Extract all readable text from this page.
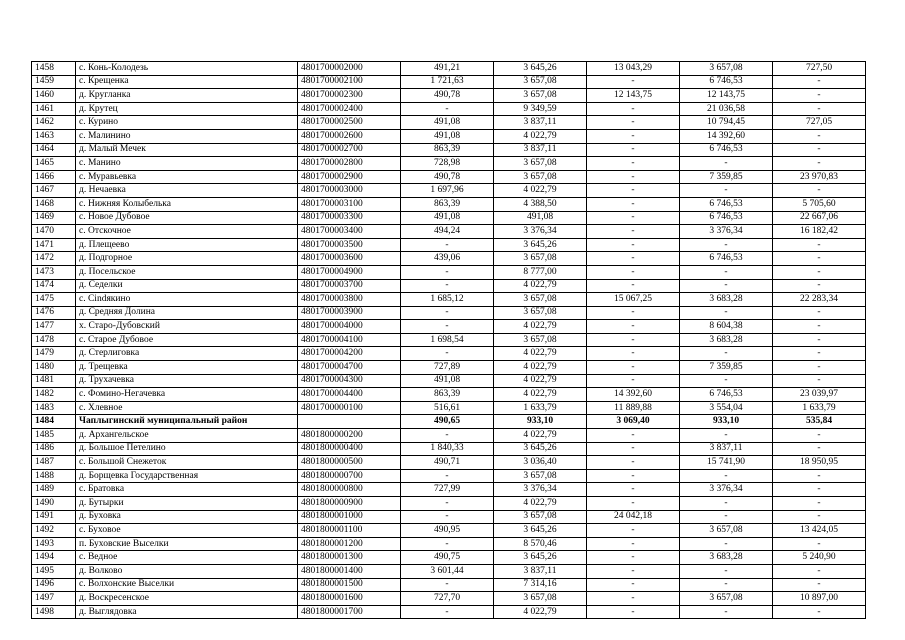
1458	с. Конь-Колодезь	4801700002000	491,21	3 645,26	13 043,29	3 657,08	727,50
1459	с. Крещенка	4801700002100	1 721,63	3 657,08	-	6 746,53	-
1460	д. Кругланка	4801700002300	490,78	3 657,08	12 143,75	12 143,75	-
1461	д. Крутец	4801700002400	-	9 349,59	-	21 036,58	-
1462	с. Курино	4801700002500	491,08	3 837,11	-	10 794,45	727,05
1463	с. Малинино	4801700002600	491,08	4 022,79	-	14 392,60	-
1464	д. Малый Мечек	4801700002700	863,39	3 837,11	-	6 746,53	-
1465	с. Манино	4801700002800	728,98	3 657,08	-	-	-
1466	с. Муравьевка	4801700002900	490,78	3 657,08	-	7 359,85	23 970,83
1467	д. Нечаевка	4801700003000	1 697,96	4 022,79	-	-	-
1468	с. Нижняя Колыбелька	4801700003100	863,39	4 388,50	-	6 746,53	5 705,60
1469	с. Новое Дубовое	4801700003300	491,08	491,08	-	6 746,53	22 667,06
1470	с. Отскочное	4801700003400	494,24	3 376,34	-	3 376,34	16 182,42
1471	д. Плещеево	4801700003500	-	3 645,26	-	-	-
1472	д. Подгорное	4801700003600	439,06	3 657,08	-	6 746,53	-
1473	д. Посельское	4801700004900	-	8 777,00	-	-	-
1474	д. Седелки	4801700003700	-	4 022,79	-	-	-
1475	с. Сindякино	4801700003800	1 685,12	3 657,08	15 067,25	3 683,28	22 283,34
1476	д. Средняя Долина	4801700003900	-	3 657,08	-	-	-
1477	х. Старо-Дубовский	4801700004000	-	4 022,79	-	8 604,38	-
1478	с. Старое Дубовое	4801700004100	1 698,54	3 657,08	-	3 683,28	-
1479	д. Стерлиговка	4801700004200	-	4 022,79	-	-	-
1480	д. Трещевка	4801700004700	727,89	4 022,79	-	7 359,85	-
1481	д. Трухачевка	4801700004300	491,08	4 022,79	-	-	-
1482	с. Фомино-Негачевка	4801700004400	863,39	4 022,79	14 392,60	6 746,53	23 039,97
1483	с. Хлевное	4801700000100	516,61	1 633,79	11 889,88	3 554,04	1 633,79
1484	Чаплыгинский муниципальный район		490,65	933,10	3 069,40	933,10	535,84
1485	д. Архангельское	4801800000200	-	4 022,79	-	-	-
1486	д. Большое Петелино	4801800000400	1 840,33	3 645,26	-	3 837,11	-
1487	с. Большой Снежеток	4801800000500	490,71	3 036,40	-	15 741,90	18 950,95
1488	д. Борщевка Государственная	4801800000700	-	3 657,08	-	-	-
1489	с. Братовка	4801800000800	727,99	3 376,34	-	3 376,34	-
1490	д. Бутырки	4801800000900	-	4 022,79	-	-	-
1491	д. Буховка	4801800001000	-	3 657,08	24 042,18	-	-
1492	с. Буховое	4801800001100	490,95	3 645,26	-	3 657,08	13 424,05
1493	п. Буховские Выселки	4801800001200	-	8 570,46	-	-	-
1494	с. Ведное	4801800001300	490,75	3 645,26	-	3 683,28	5 240,90
1495	д. Волково	4801800001400	3 601,44	3 837,11	-	-	-
1496	с. Волхонские Выселки	4801800001500	-	7 314,16	-	-	-
1497	д. Воскресенское	4801800001600	727,70	3 657,08	-	3 657,08	10 897,00
1498	д. Выглядовка	4801800001700	-	4 022,79	-	-	-
